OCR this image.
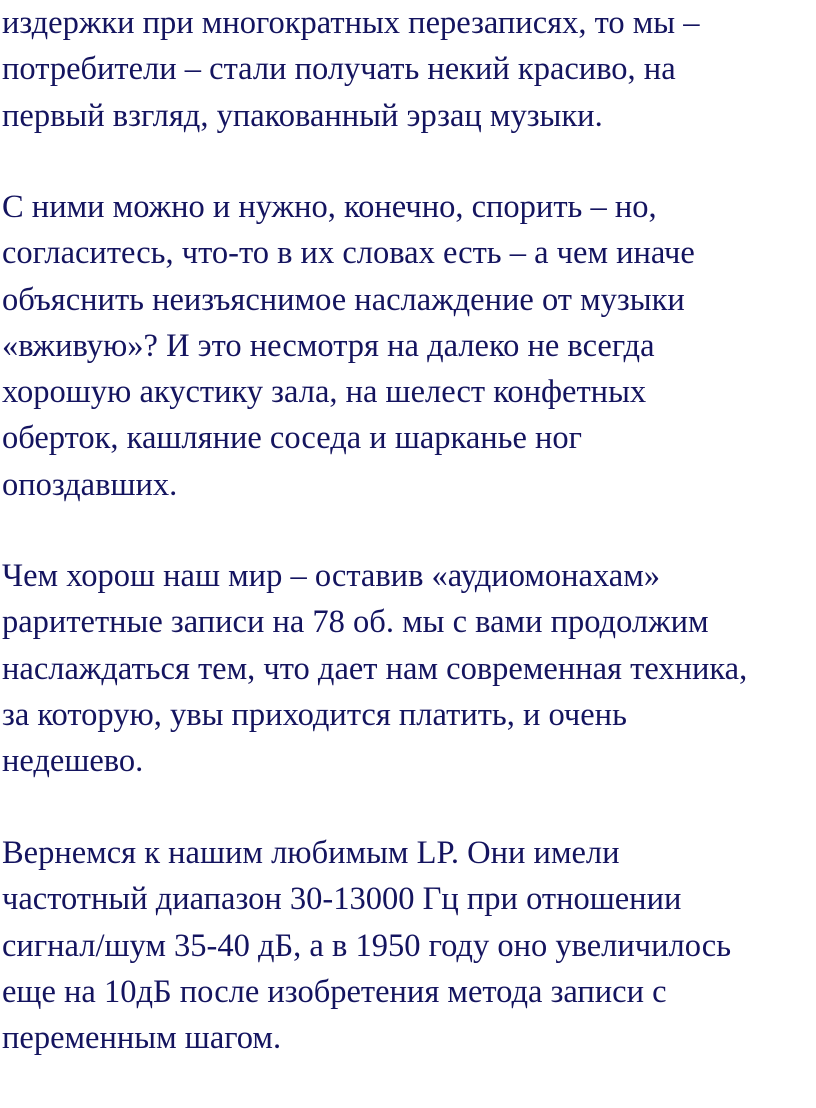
издержки при многократных перезаписях, то мы –
потребители – стали получать некий красиво, на
первый взгляд, упакованный эрзац музыки.

С ними можно и нужно, конечно, спорить – но,
согласитесь, что-то в их словах есть – а чем иначе
объяснить неизъяснимое наслаждение от музыки
«вживую»? И это несмотря на далеко не всегда
хорошую акустику зала, на шелест конфетных
оберток, кашляние соседа и шарканье ног
опоздавших.

Чем хорош наш мир – оставив «аудиомонахам»
раритетные записи на 78 об. мы с вами продолжим
наслаждаться тем, что дает нам современная техника,
за которую, увы приходится платить, и очень
недешево.

Вернемся к нашим любимым LP. Они имели
частотный диапазон 30-13000 Гц при отношении
сигнал/шум 35-40 дБ, а в 1950 году оно увеличилось
еще на 10дБ после изобретения метода записи с
переменным шагом.
